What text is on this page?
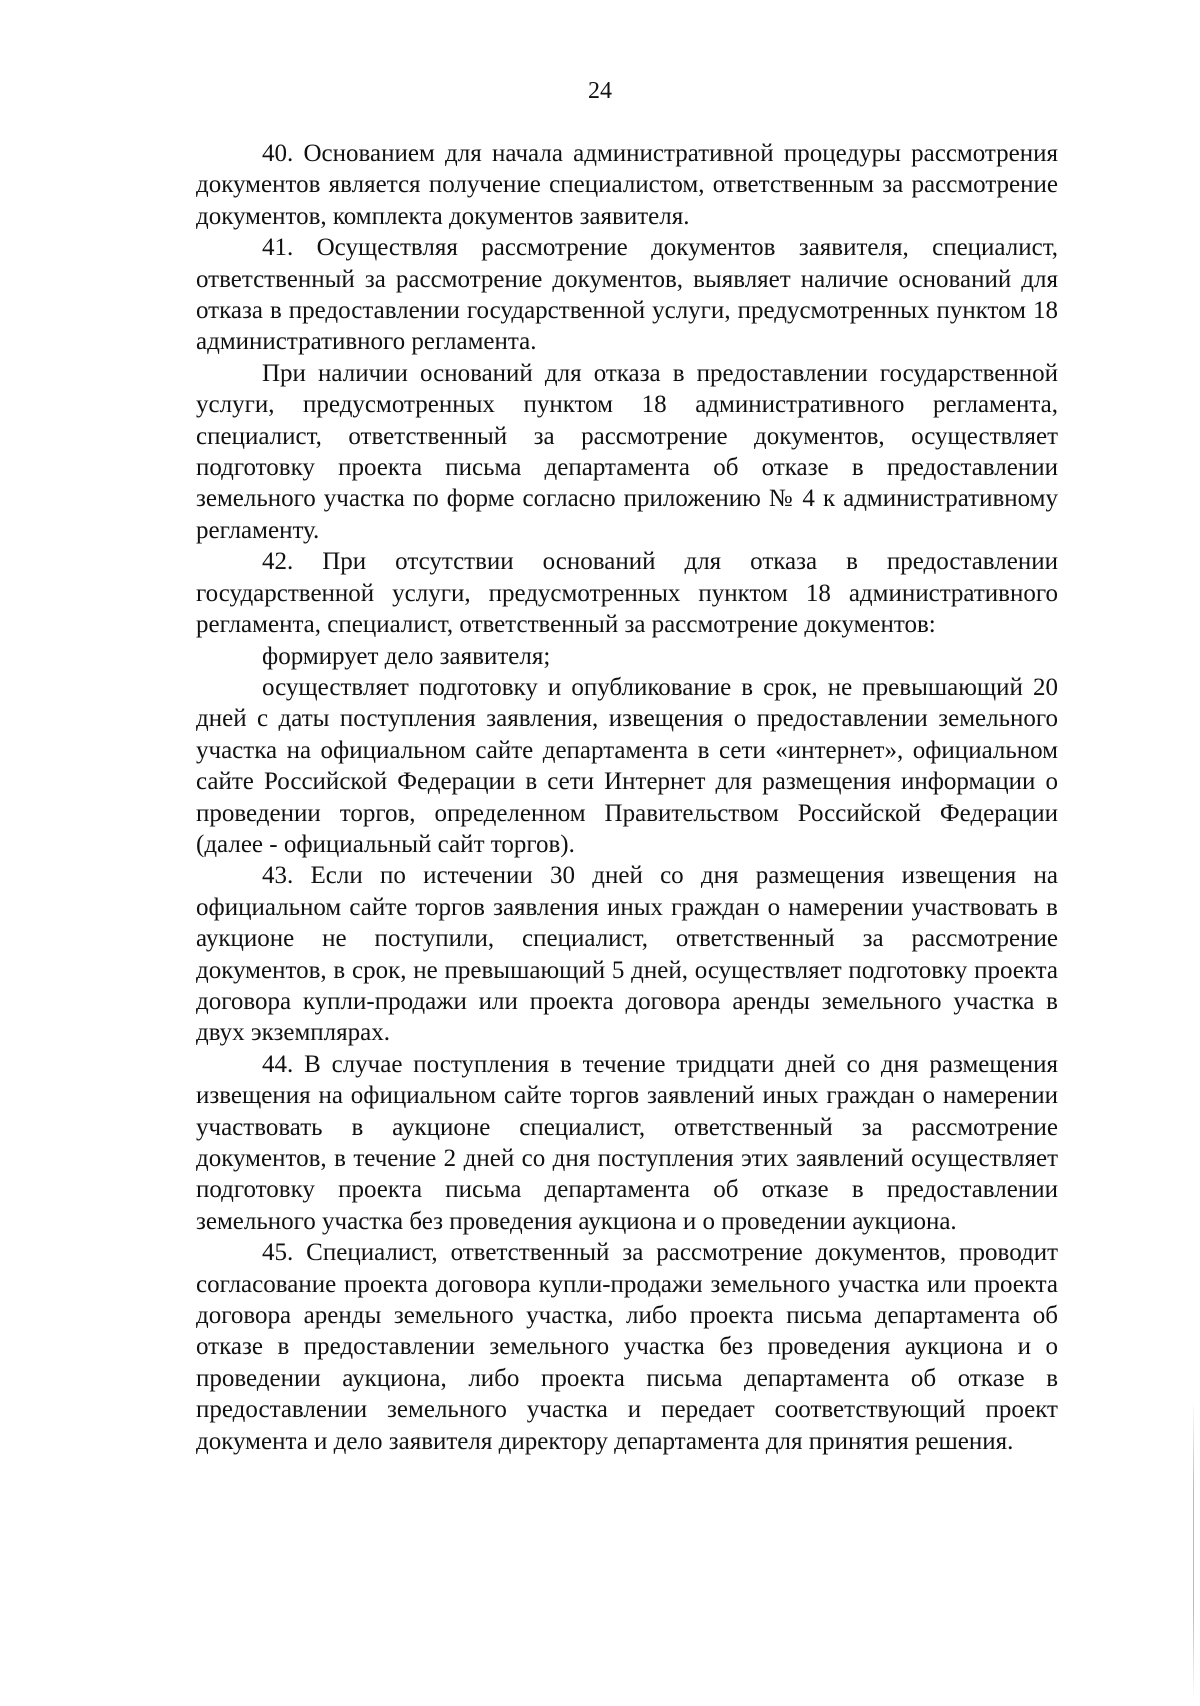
24

40. Основанием для начала административной процедуры рассмотрения документов является получение специалистом, ответственным за рассмотрение документов, комплекта документов заявителя.

41. Осуществляя рассмотрение документов заявителя, специалист, ответственный за рассмотрение документов, выявляет наличие оснований для отказа в предоставлении государственной услуги, предусмотренных пунктом 18 административного регламента.

При наличии оснований для отказа в предоставлении государственной услуги, предусмотренных пунктом 18 административного регламента, специалист, ответственный за рассмотрение документов, осуществляет подготовку проекта письма департамента об отказе в предоставлении земельного участка по форме согласно приложению № 4 к административному регламенту.

42. При отсутствии оснований для отказа в предоставлении государственной услуги, предусмотренных пунктом 18 административного регламента, специалист, ответственный за рассмотрение документов:

формирует дело заявителя;

осуществляет подготовку и опубликование в срок, не превышающий 20 дней с даты поступления заявления, извещения о предоставлении земельного участка на официальном сайте департамента в сети «интернет», официальном сайте Российской Федерации в сети Интернет для размещения информации о проведении торгов, определенном Правительством Российской Федерации (далее - официальный сайт торгов).

43. Если по истечении 30 дней со дня размещения извещения на официальном сайте торгов заявления иных граждан о намерении участвовать в аукционе не поступили, специалист, ответственный за рассмотрение документов, в срок, не превышающий 5 дней, осуществляет подготовку проекта договора купли-продажи или проекта договора аренды земельного участка в двух экземплярах.

44. В случае поступления в течение тридцати дней со дня размещения извещения на официальном сайте торгов заявлений иных граждан о намерении участвовать в аукционе специалист, ответственный за рассмотрение документов, в течение 2 дней со дня поступления этих заявлений осуществляет подготовку проекта письма департамента об отказе в предоставлении земельного участка без проведения аукциона и о проведении аукциона.

45. Специалист, ответственный за рассмотрение документов, проводит согласование проекта договора купли-продажи земельного участка или проекта договора аренды земельного участка, либо проекта письма департамента об отказе в предоставлении земельного участка без проведения аукциона и о проведении аукциона, либо проекта письма департамента об отказе в предоставлении земельного участка и передает соответствующий проект документа и дело заявителя директору департамента для принятия решения.
